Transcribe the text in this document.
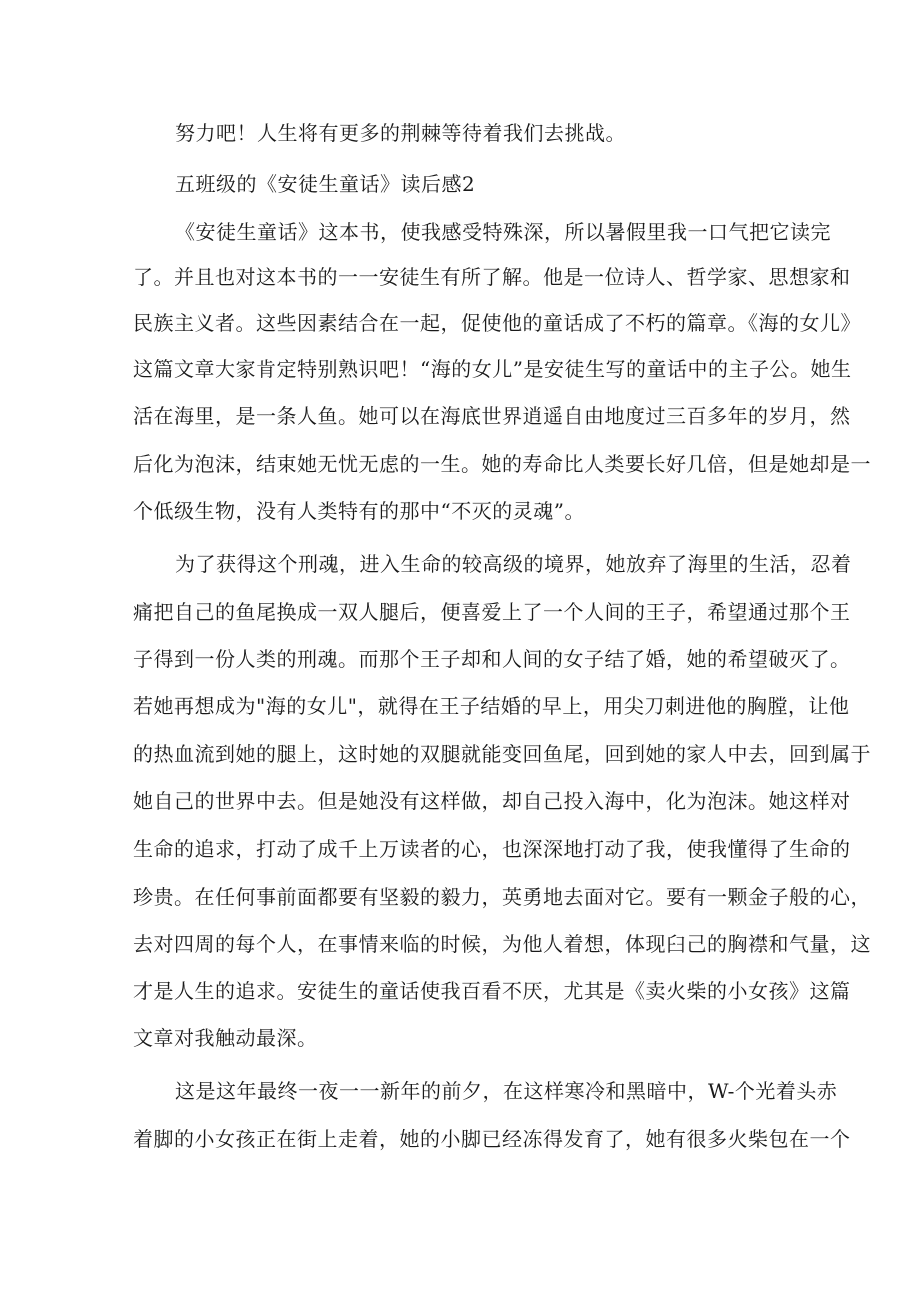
努力吧！人生将有更多的荆棘等待着我们去挑战。
五班级的《安徒生童话》读后感2
《安徒生童话》这本书，使我感受特殊深，所以暑假里我一口气把它读完
了。并且也对这本书的一一安徒生有所了解。他是一位诗人、哲学家、思想家和
民族主义者。这些因素结合在一起，促使他的童话成了不朽的篇章。《海的女儿》
这篇文章大家肯定特别熟识吧！“海的女儿”是安徒生写的童话中的主子公。她生
活在海里，是一条人鱼。她可以在海底世界逍遥自由地度过三百多年的岁月，然
后化为泡沫，结束她无忧无虑的一生。她的寿命比人类要长好几倍，但是她却是一
个低级生物，没有人类特有的那中“不灭的灵魂”。
为了获得这个刑魂，进入生命的较高级的境界，她放弃了海里的生活，忍着
痛把自己的鱼尾换成一双人腿后，便喜爱上了一个人间的王子，希望通过那个王
子得到一份人类的刑魂。而那个王子却和人间的女子结了婚，她的希望破灭了。
若她再想成为"海的女儿"，就得在王子结婚的早上，用尖刀刺进他的胸膛，让他
的热血流到她的腿上，这时她的双腿就能变回鱼尾，回到她的家人中去，回到属于
她自己的世界中去。但是她没有这样做，却自己投入海中，化为泡沫。她这样对
生命的追求，打动了成千上万读者的心，也深深地打动了我，使我懂得了生命的
珍贵。在任何事前面都要有坚毅的毅力，英勇地去面对它。要有一颗金子般的心，
去对四周的每个人，在事情来临的时候，为他人着想，体现臼己的胸襟和气量，这
才是人生的追求。安徒生的童话使我百看不厌，尤其是《卖火柴的小女孩》这篇
文章对我触动最深。
这是这年最终一夜一一新年的前夕，在这样寒冷和黑暗中，W-个光着头赤
着脚的小女孩正在街上走着，她的小脚已经冻得发育了，她有很多火柴包在一个
